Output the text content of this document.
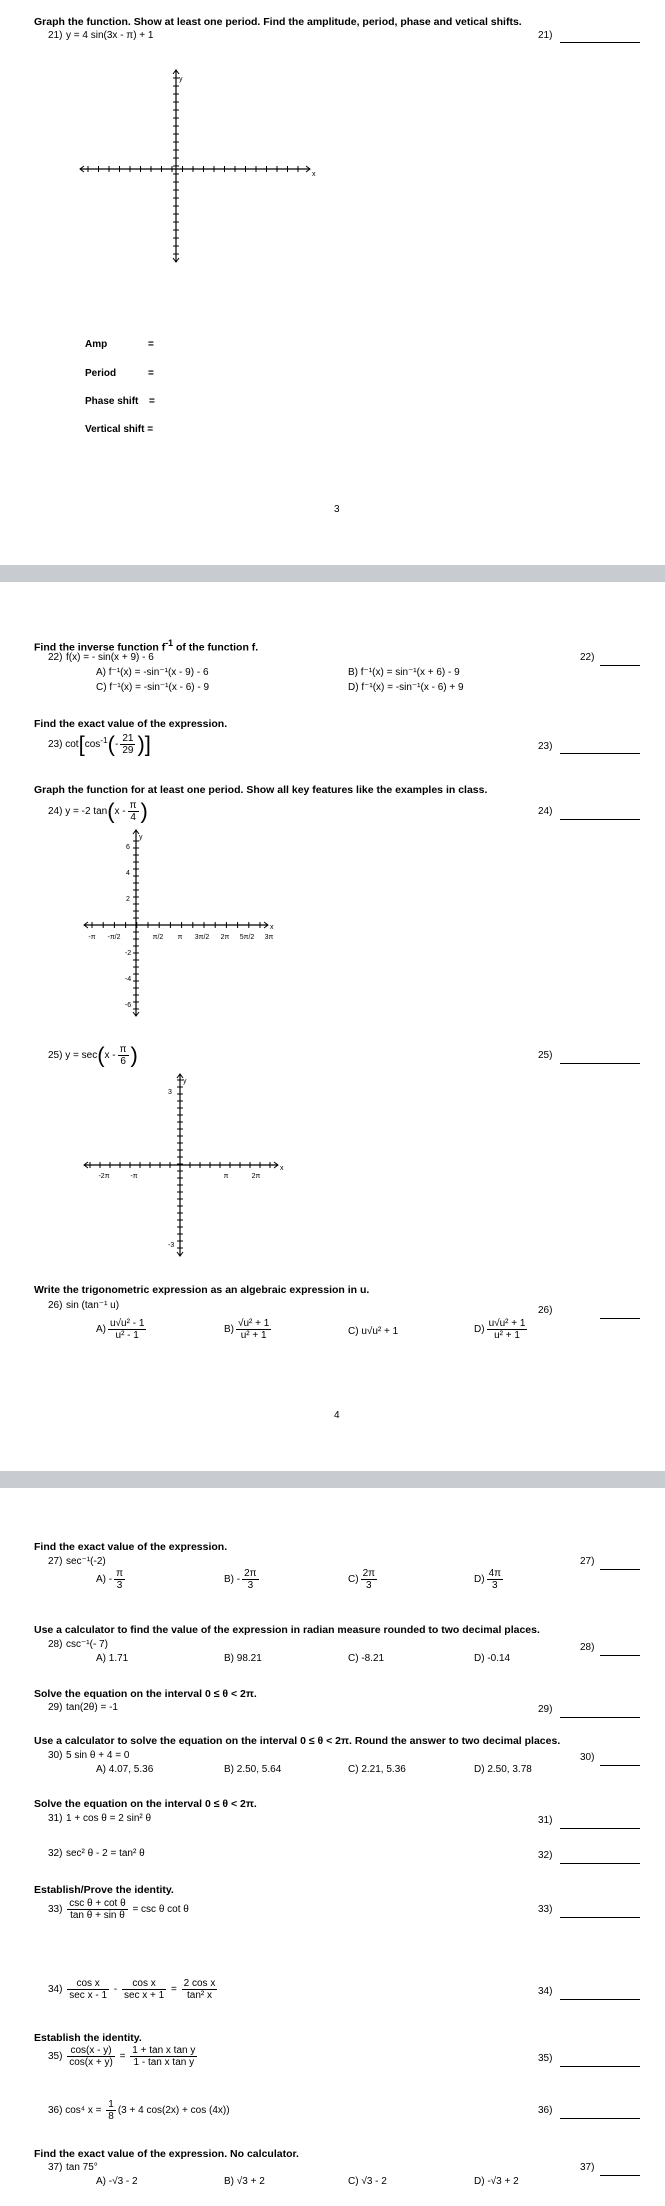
Graph the function. Show at least one period. Find the amplitude, period, phase and vetical shifts.
21) y = 4 sin(3x - π) + 1	21)
x
y
Amp	=
Period	=
Phase shift =
Vertical shift =
3
Find the inverse function $f^{-1}$ of the function f.
22) f(x) = - sin(x + 9) - 6	22)
A) f⁻¹(x) = -sin⁻¹(x - 9) - 6	B) f⁻¹(x) = sin⁻¹(x + 6) - 9
C) f⁻¹(x) = -sin⁻¹(x - 6) - 9	D) f⁻¹(x) = -sin⁻¹(x - 6) + 9
Find the exact value of the expression.
23) $\cot[\cos^{-1}(- \frac{21}{29}$ )]	23)
Graph the function for at least one period. Show all key features like the examples in class.
24) y = -2 $\tan(x - \frac{\pi}{4}$ )	24)
6
4
2
-2
-4
-6
-π -π/2	π/2 π 3π/2 2π 5π/2 3π
x
y
25) $y = \sec(x - \frac{\pi}{6}$ )	25)
-2π	-π	π	2π
3
-3
x
y
Write the trigonometric expression as an algebraic expression in u.
26) sin (tan⁻¹ u)	26)
$A) \frac{\text{u√u² - 1}}{\text{u² - 1}}$	$B) \frac{\text{√u² + 1}}{\text{u² + 1}}$	C) u√u² + 1	$D) \frac{\text{u√u² + 1}}{\text{u² + 1}}$
4
Find the exact value of the expression.
27) sec⁻¹(-2)	27)
$A) - \frac{\pi}{3}$	$B) - \frac{2\pi}{3}$	$C) \frac{2\pi}{3}$	$D) \frac{4\pi}{3}$
Use a calculator to find the value of the expression in radian measure rounded to two decimal places.
28) csc⁻¹(- 7)	28)
A) 1.71	B) 98.21	C) -8.21	D) -0.14
Solve the equation on the interval 0 ≤ θ < 2π.
29) tan(2θ) = -1	29)
Use a calculator to solve the equation on the interval 0 ≤ θ < 2π. Round the answer to two decimal places.
30) 5 sin θ + 4 = 0	30)
A) 4.07, 5.36	B) 2.50, 5.64	C) 2.21, 5.36	D) 2.50, 3.78
Solve the equation on the interval 0 ≤ θ < 2π.
31) 1 + cos θ = 2 sin² θ	31)
32) sec² θ - 2 = tan² θ	32)
Establish/Prove the identity.
$33) \frac{\text{csc θ + cot θ}}{\text{tan θ + sin θ}} = \csc \theta$ cot θ	33)
$34) \frac{\text{cos x}}{\text{sec x - 1}} - \frac{\text{cos x}}{\text{sec x + 1}} = \frac{\text{2 cos x}}{\text{tan² x}}$	34)
Establish the identity.
$35) \frac{\cos(x - y)}{\cos(x + y)} = \frac{\text{1 + tan x tan y}}{\text{1 - tan x tan y}}$	35)
36) cos⁴ $x = \frac{1}{8} (3 + 4$ cos(2x) + cos (4x))	36)
Find the exact value of the expression. No calculator.
37) tan 75°	37)
A) -√3 - 2	B) √3 + 2	C) √3 - 2	D) -√3 + 2
